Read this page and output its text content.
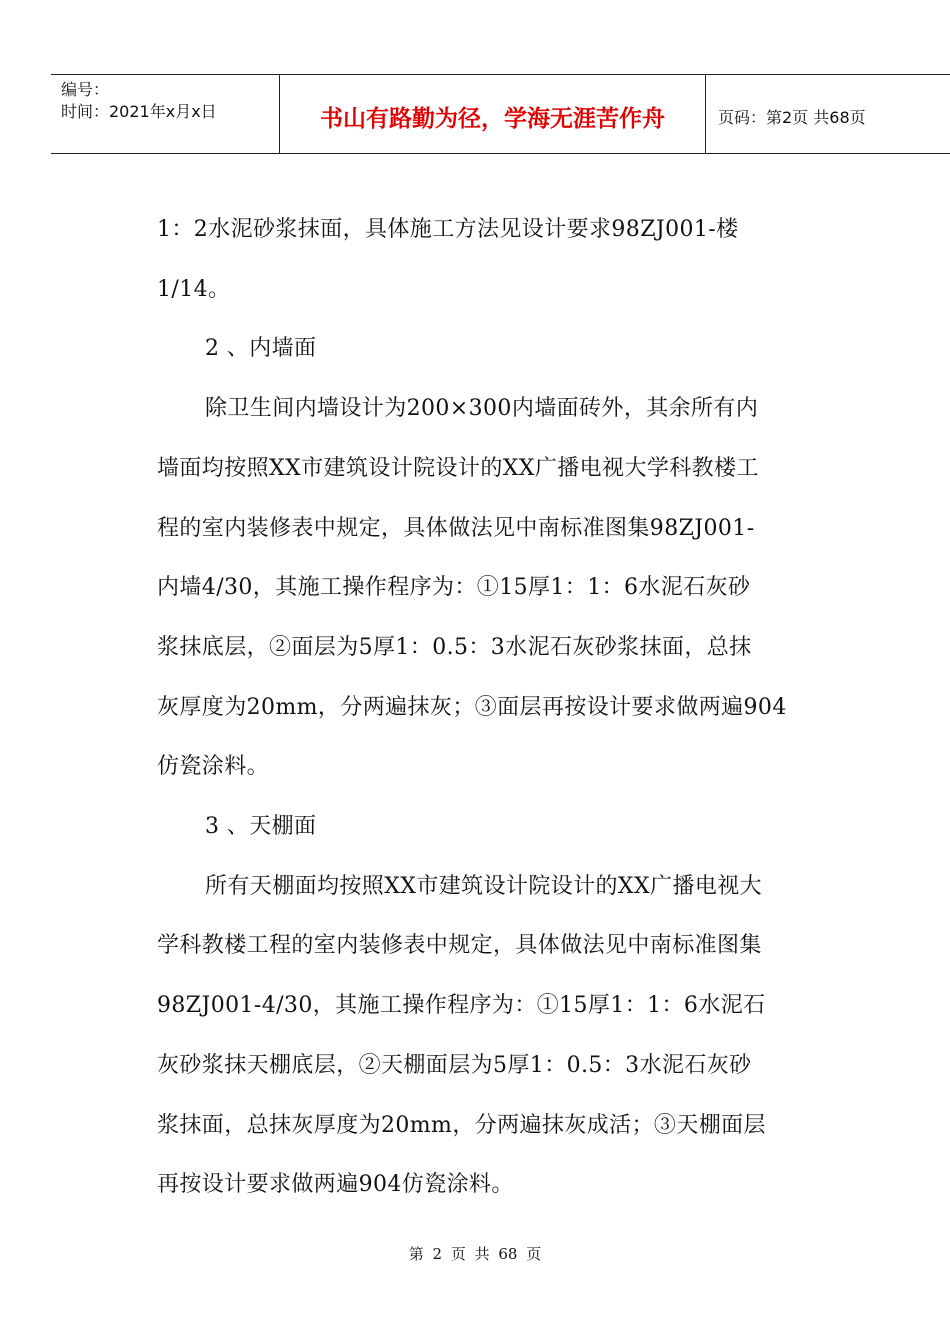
编号：
时间：2021年x月x日	书山有路勤为径，学海无涯苦作舟	页码：第2页 共68页

1：2水泥砂浆抹面，具体施工方法见设计要求98ZJ001-楼

1/14。

2 、内墙面

除卫生间内墙设计为200×300内墙面砖外，其余所有内

墙面均按照XX市建筑设计院设计的XX广播电视大学科教楼工

程的室内装修表中规定，具体做法见中南标准图集98ZJ001-

内墙4/30，其施工操作程序为：①15厚1：1：6水泥石灰砂

浆抹底层，②面层为5厚1：0.5：3水泥石灰砂浆抹面，总抹

灰厚度为20mm，分两遍抹灰；③面层再按设计要求做两遍904

仿瓷涂料。

3 、天棚面

所有天棚面均按照XX市建筑设计院设计的XX广播电视大

学科教楼工程的室内装修表中规定，具体做法见中南标准图集

98ZJ001-4/30，其施工操作程序为：①15厚1：1：6水泥石

灰砂浆抹天棚底层，②天棚面层为5厚1：0.5：3水泥石灰砂

浆抹面，总抹灰厚度为20mm，分两遍抹灰成活；③天棚面层

再按设计要求做两遍904仿瓷涂料。

第 2 页 共 68 页
